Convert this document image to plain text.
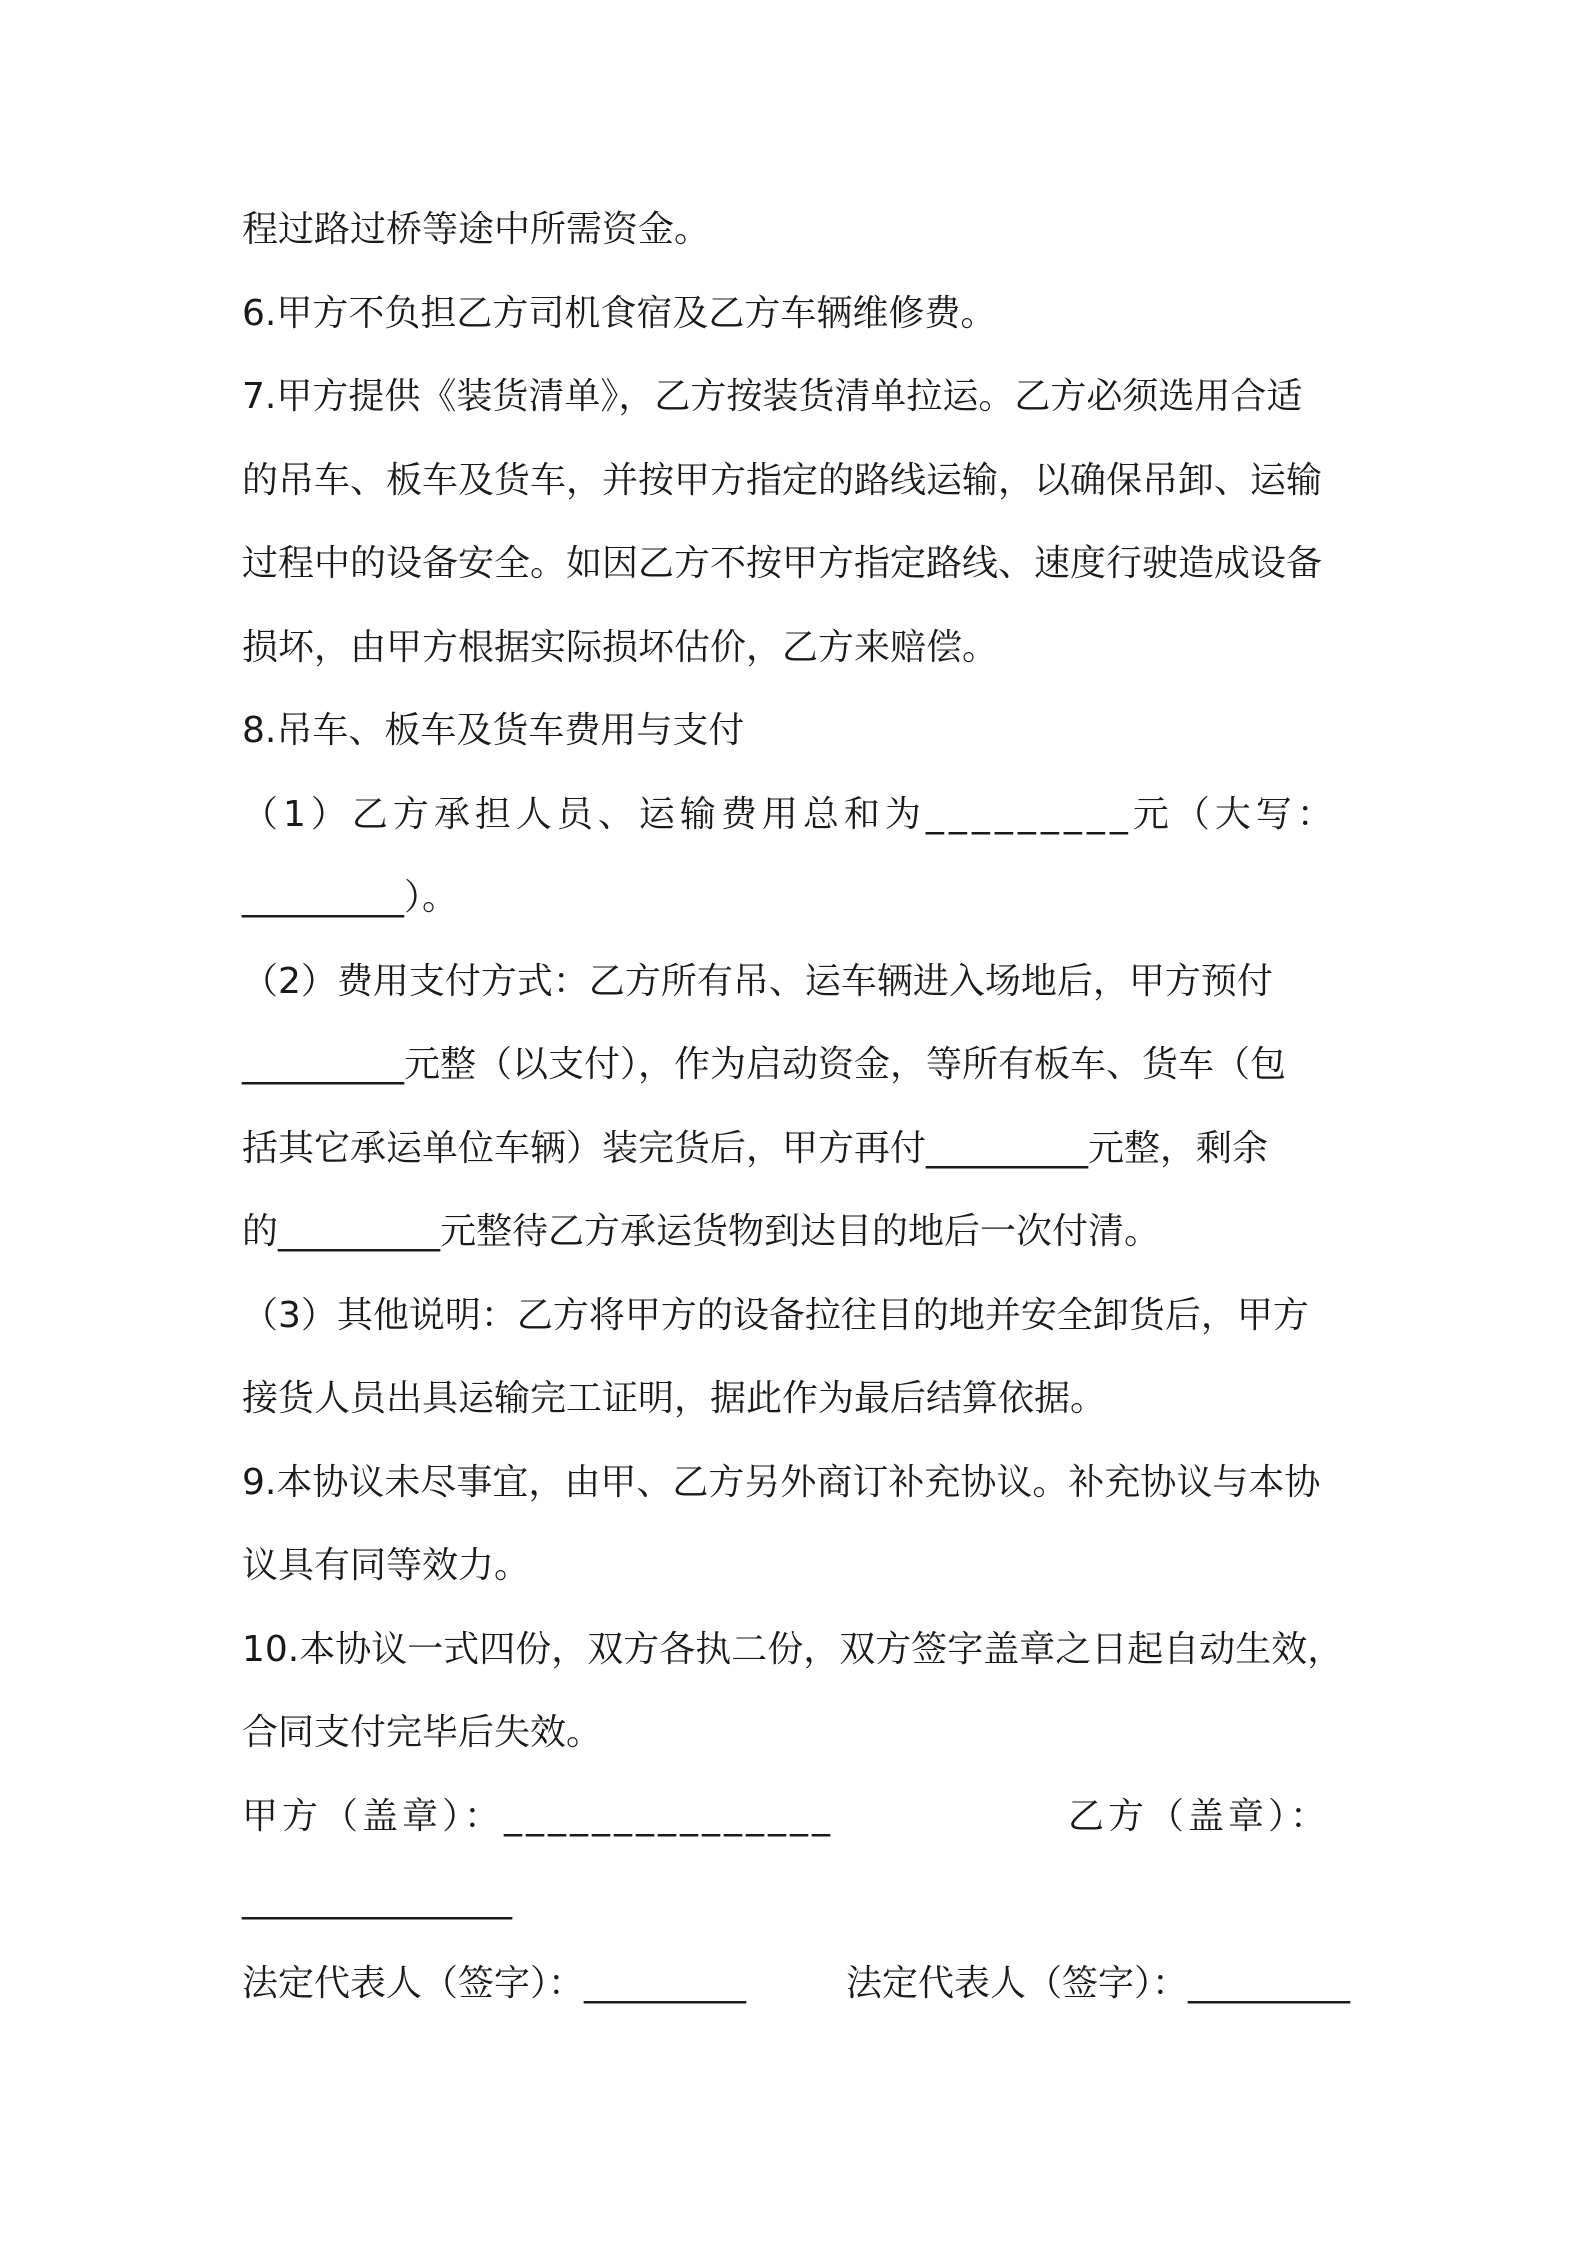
程过路过桥等途中所需资金。
6.甲方不负担乙方司机食宿及乙方车辆维修费。
7.甲方提供《装货清单》，乙方按装货清单拉运。乙方必须选用合适
的吊车、板车及货车，并按甲方指定的路线运输，以确保吊卸、运输
过程中的设备安全。如因乙方不按甲方指定路线、速度行驶造成设备
损坏，由甲方根据实际损坏估价，乙方来赔偿。
8.吊车、板车及货车费用与支付
（1）乙方承担人员、运输费用总和为_________元（大写：
_________）。
（2）费用支付方式：乙方所有吊、运车辆进入场地后，甲方预付
_________元整（以支付），作为启动资金，等所有板车、货车（包
括其它承运单位车辆）装完货后，甲方再付_________元整，剩余
的_________元整待乙方承运货物到达目的地后一次付清。
（3）其他说明：乙方将甲方的设备拉往目的地并安全卸货后，甲方
接货人员出具运输完工证明，据此作为最后结算依据。
9.本协议未尽事宜，由甲、乙方另外商订补充协议。补充协议与本协
议具有同等效力。
10.本协议一式四份，双方各执二份，双方签字盖章之日起自动生效，
合同支付完毕后失效。
甲方（盖章）：_______________	乙方（盖章）：
_______________
法定代表人（签字）：_________	法定代表人（签字）：_________
